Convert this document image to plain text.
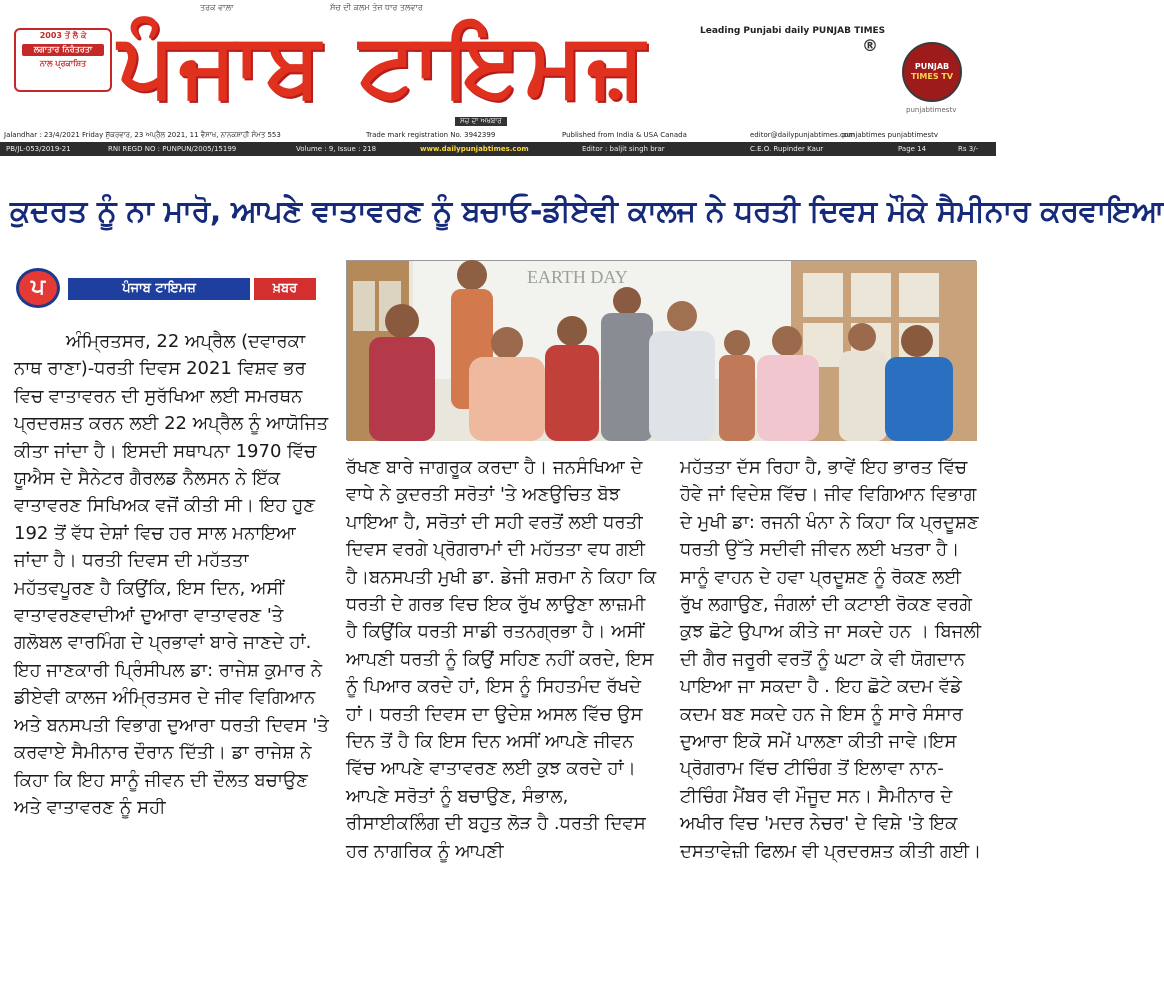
2003 ਤੋਂ ਲੈ ਕੇ
ਲਗਾਤਾਰ ਨਿਰੰਤਰਤਾ
ਨਾਲ ਪ੍ਰਕਾਸ਼ਿਤ
ਤਰਕ ਵਾਲ਼ਾ	ਸੱਚ ਦੀ ਕਲਮ ਤੇਜ਼ ਧਾਰ ਤਲਵਾਰ
ਪੰਜਾਬ ਟਾਇਮਜ਼	®
Leading Punjabi daily PUNJAB TIMES
PUNJAB
TIMES TV
punjabtimestv
ਸਚ ਦਾ ਅਖਬਾਰ
Jalandhar : 23/4/2021 Friday ਸ਼ੁੱਕਰਵਾਰ, 23 ਅਪ੍ਰੈਲ 2021, 11 ਵੈਸਾਖ, ਨਾਨਕਸ਼ਾਹੀ ਸੰਮਤ 553	Trade mark registration No. 3942399	Published from India & USA Canada	editor@dailypunjabtimes.com
punjabtimes punjabtimestv
PB/JL-053/2019-21	RNI REGD NO : PUNPUN/2005/15199	Volume : 9, Issue : 218	www.dailypunjabtimes.com	Editor : baljit singh brar	C.E.O. Rupinder Kaur	Page 14	Rs 3/-
ਕੁਦਰਤ ਨੂੰ ਨਾ ਮਾਰੋ, ਆਪਣੇ ਵਾਤਾਵਰਣ ਨੂੰ ਬਚਾਓ-ਡੀਏਵੀ ਕਾਲਜ ਨੇ ਧਰਤੀ ਦਿਵਸ ਮੌਕੇ ਸੈਮੀਨਾਰ ਕਰਵਾਇਆ
ਪ	ਪੰਜਾਬ ਟਾਇਮਜ਼	ਖ਼ਬਰ

ਅੰਮ੍ਰਿਤਸਰ, 22 ਅਪ੍ਰੈਲ (ਦਵਾਰਕਾ ਨਾਥ ਰਾਣਾ)-ਧਰਤੀ ਦਿਵਸ 2021 ਵਿਸ਼ਵ ਭਰ ਵਿਚ ਵਾਤਾਵਰਨ ਦੀ ਸੁਰੱਖਿਆ ਲਈ ਸਮਰਥਨ ਪ੍ਰਦਰਸ਼ਤ ਕਰਨ ਲਈ 22 ਅਪ੍ਰੈਲ ਨੂੰ ਆਯੋਜਿਤ ਕੀਤਾ ਜਾਂਦਾ ਹੈ। ਇਸਦੀ ਸਥਾਪਨਾ 1970 ਵਿੱਚ ਯੂਐਸ ਦੇ ਸੈਨੇਟਰ ਗੈਰਲਡ ਨੈਲਸਨ ਨੇ ਇੱਕ ਵਾਤਾਵਰਣ ਸਿਖਿਅਕ ਵਜੋਂ ਕੀਤੀ ਸੀ। ਇਹ ਹੁਣ 192 ਤੋਂ ਵੱਧ ਦੇਸ਼ਾਂ ਵਿਚ ਹਰ ਸਾਲ ਮਨਾਇਆ ਜਾਂਦਾ ਹੈ। ਧਰਤੀ ਦਿਵਸ ਦੀ ਮਹੱਤਤਾ ਮਹੱਤਵਪੂਰਣ ਹੈ ਕਿਉਂਕਿ, ਇਸ ਦਿਨ, ਅਸੀਂ ਵਾਤਾਵਰਣਵਾਦੀਆਂ ਦੁਆਰਾ ਵਾਤਾਵਰਣ 'ਤੇ ਗਲੋਬਲ ਵਾਰਮਿੰਗ ਦੇ ਪ੍ਰਭਾਵਾਂ ਬਾਰੇ ਜਾਣਦੇ ਹਾਂ. ਇਹ ਜਾਣਕਾਰੀ ਪ੍ਰਿੰਸੀਪਲ ਡਾ: ਰਾਜੇਸ਼ ਕੁਮਾਰ ਨੇ ਡੀਏਵੀ ਕਾਲਜ ਅੰਮ੍ਰਿਤਸਰ ਦੇ ਜੀਵ ਵਿਗਿਆਨ ਅਤੇ ਬਨਸਪਤੀ ਵਿਭਾਗ ਦੁਆਰਾ ਧਰਤੀ ਦਿਵਸ 'ਤੇ ਕਰਵਾਏ ਸੈਮੀਨਾਰ ਦੌਰਾਨ ਦਿੱਤੀ। ਡਾ ਰਾਜੇਸ਼ ਨੇ ਕਿਹਾ ਕਿ ਇਹ ਸਾਨੂੰ ਜੀਵਨ ਦੀ ਦੌਲਤ ਬਚਾਉਣ ਅਤੇ ਵਾਤਾਵਰਣ ਨੂੰ ਸਹੀ

ਰੱਖਣ ਬਾਰੇ ਜਾਗਰੂਕ ਕਰਦਾ ਹੈ। ਜਨਸੰਖਿਆ ਦੇ ਵਾਧੇ ਨੇ ਕੁਦਰਤੀ ਸਰੋਤਾਂ 'ਤੇ ਅਣਉਚਿਤ ਬੋਝ ਪਾਇਆ ਹੈ, ਸਰੋਤਾਂ ਦੀ ਸਹੀ ਵਰਤੋਂ ਲਈ ਧਰਤੀ ਦਿਵਸ ਵਰਗੇ ਪ੍ਰੋਗਰਾਮਾਂ ਦੀ ਮਹੱਤਤਾ ਵਧ ਗਈ ਹੈ।ਬਨਸਪਤੀ ਮੁਖੀ ਡਾ. ਡੇਜੀ ਸ਼ਰਮਾ ਨੇ ਕਿਹਾ ਕਿ ਧਰਤੀ ਦੇ ਗਰਭ ਵਿਚ ਇਕ ਰੁੱਖ ਲਾਉਣਾ ਲਾਜ਼ਮੀ ਹੈ ਕਿਉਂਕਿ ਧਰਤੀ ਸਾਡੀ ਰਤਨਗ੍ਰਭਾ ਹੈ। ਅਸੀਂ ਆਪਣੀ ਧਰਤੀ ਨੂੰ ਕਿਉਂ ਸਹਿਣ ਨਹੀਂ ਕਰਦੇ, ਇਸ ਨੂੰ ਪਿਆਰ ਕਰਦੇ ਹਾਂ, ਇਸ ਨੂੰ ਸਿਹਤਮੰਦ ਰੱਖਦੇ ਹਾਂ। ਧਰਤੀ ਦਿਵਸ ਦਾ ਉਦੇਸ਼ ਅਸਲ ਵਿੱਚ ਉਸ ਦਿਨ ਤੋਂ ਹੈ ਕਿ ਇਸ ਦਿਨ ਅਸੀਂ ਆਪਣੇ ਜੀਵਨ ਵਿੱਚ ਆਪਣੇ ਵਾਤਾਵਰਣ ਲਈ ਕੁਝ ਕਰਦੇ ਹਾਂ।ਆਪਣੇ ਸਰੋਤਾਂ ਨੂੰ ਬਚਾਉਣ, ਸੰਭਾਲ, ਰੀਸਾਈਕਲਿੰਗ ਦੀ ਬਹੁਤ ਲੋੜ ਹੈ .ਧਰਤੀ ਦਿਵਸ ਹਰ ਨਾਗਰਿਕ ਨੂੰ ਆਪਣੀ

ਮਹੱਤਤਾ ਦੱਸ ਰਿਹਾ ਹੈ, ਭਾਵੇਂ ਇਹ ਭਾਰਤ ਵਿੱਚ ਹੋਵੇ ਜਾਂ ਵਿਦੇਸ਼ ਵਿੱਚ। ਜੀਵ ਵਿਗਿਆਨ ਵਿਭਾਗ ਦੇ ਮੁਖੀ ਡਾ: ਰਜਨੀ ਖੰਨਾ ਨੇ ਕਿਹਾ ਕਿ ਪ੍ਰਦੂਸ਼ਣ ਧਰਤੀ ਉੱਤੇ ਸਦੀਵੀ ਜੀਵਨ ਲਈ ਖਤਰਾ ਹੈ। ਸਾਨੂੰ ਵਾਹਨ ਦੇ ਹਵਾ ਪ੍ਰਦੂਸ਼ਣ ਨੂੰ ਰੋਕਣ ਲਈ ਰੁੱਖ ਲਗਾਉਣ, ਜੰਗਲਾਂ ਦੀ ਕਟਾਈ ਰੋਕਣ ਵਰਗੇ ਕੁਝ ਛੋਟੇ ਉਪਾਅ ਕੀਤੇ ਜਾ ਸਕਦੇ ਹਨ । ਬਿਜਲੀ ਦੀ ਗੈਰ ਜਰੂਰੀ ਵਰਤੋਂ ਨੂੰ ਘਟਾ ਕੇ ਵੀ ਯੋਗਦਾਨ ਪਾਇਆ ਜਾ ਸਕਦਾ ਹੈ . ਇਹ ਛੋਟੇ ਕਦਮ ਵੱਡੇ ਕਦਮ ਬਣ ਸਕਦੇ ਹਨ ਜੇ ਇਸ ਨੂੰ ਸਾਰੇ ਸੰਸਾਰ ਦੁਆਰਾ ਇਕੋ ਸਮੇਂ ਪਾਲਣਾ ਕੀਤੀ ਜਾਵੇ।ਇਸ ਪ੍ਰੋਗਰਾਮ ਵਿੱਚ ਟੀਚਿੰਗ ਤੋਂ ਇਲਾਵਾ ਨਾਨ-ਟੀਚਿੰਗ ਮੈਂਬਰ ਵੀ ਮੌਜੂਦ ਸਨ। ਸੈਮੀਨਾਰ ਦੇ ਅਖੀਰ ਵਿਚ 'ਮਦਰ ਨੇਚਰ' ਦੇ ਵਿਸ਼ੇ 'ਤੇ ਇਕ ਦਸਤਾਵੇਜ਼ੀ ਫਿਲਮ ਵੀ ਪ੍ਰਦਰਸ਼ਤ ਕੀਤੀ ਗਈ।

EARTH DAY
